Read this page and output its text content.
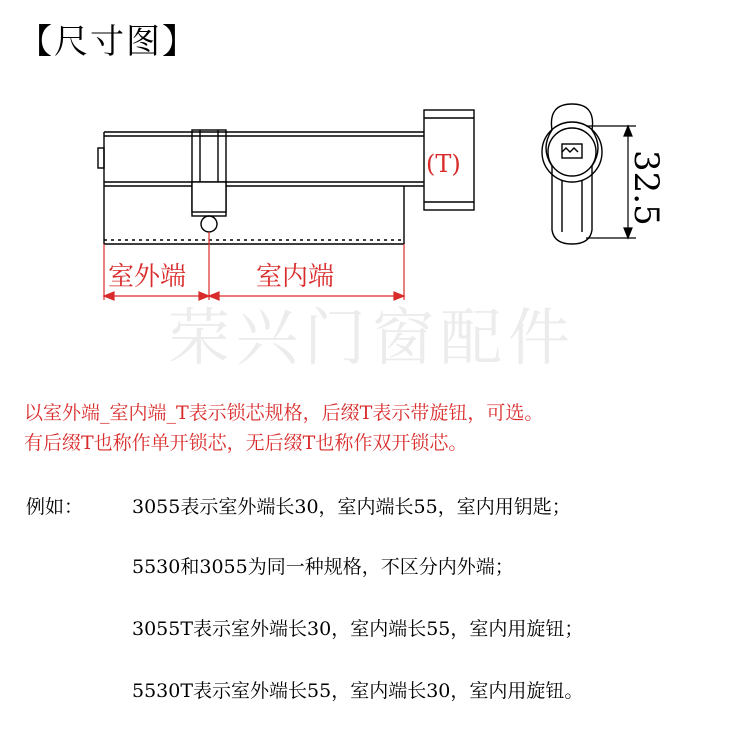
【尺寸图】
荣兴门窗配件
(T)
室外端	室内端
32.5
以室外端_室内端_T表示锁芯规格，后缀T表示带旋钮，可选。
有后缀T也称作单开锁芯，无后缀T也称作双开锁芯。
例如：	3055表示室外端长30，室内端长55，室内用钥匙；
5530和3055为同一种规格，不区分内外端；
3055T表示室外端长30，室内端长55，室内用旋钮；
5530T表示室外端长55，室内端长30，室内用旋钮。
